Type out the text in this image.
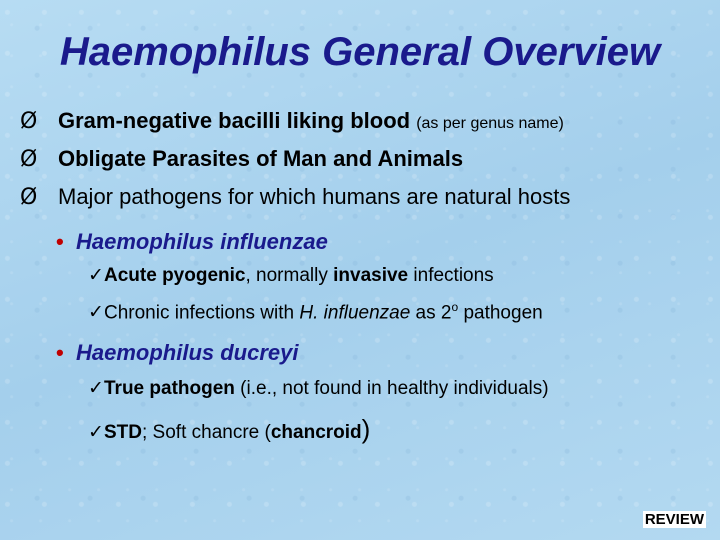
Haemophilus General Overview
Ø Gram-negative bacilli liking blood (as per genus name)
Ø Obligate Parasites of Man and Animals
Ø Major pathogens for which humans are natural hosts
• Haemophilus influenzae
✓Acute pyogenic, normally invasive infections
✓Chronic infections with H. influenzae as 2$^o$ pathogen
• Haemophilus ducreyi
✓True pathogen (i.e., not found in healthy individuals)
✓STD; Soft chancre (chancroid)
REVIEW
